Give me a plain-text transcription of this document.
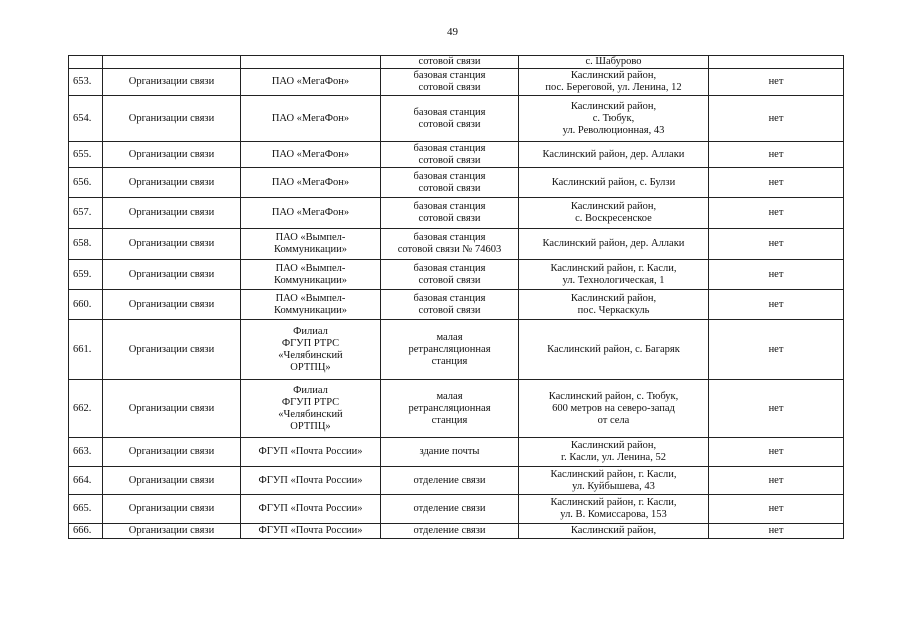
49

			сотовой связи	с. Шабурово	

653.	Организации связи	ПАО «МегаФон»	базовая станция
сотовой связи	Каслинский район,
пос. Береговой, ул. Ленина, 12	нет
654.	Организации связи	ПАО «МегаФон»	базовая станция
сотовой связи	Каслинский район,
с. Тюбук,
ул. Революционная, 43	нет
655.	Организации связи	ПАО «МегаФон»	базовая станция
сотовой связи	Каслинский район, дер. Аллаки	нет
656.	Организации связи	ПАО «МегаФон»	базовая станция
сотовой связи	Каслинский район, с. Булзи	нет
657.	Организации связи	ПАО «МегаФон»	базовая станция
сотовой связи	Каслинский район,
с. Воскресенское	нет
658.	Организации связи	ПАО «Вымпел-
Коммуникации»	базовая станция
сотовой связи № 74603	Каслинский район, дер. Аллаки	нет
659.	Организации связи	ПАО «Вымпел-
Коммуникации»	базовая станция
сотовой связи	Каслинский район, г. Касли,
ул. Технологическая, 1	нет
660.	Организации связи	ПАО «Вымпел-
Коммуникации»	базовая станция
сотовой связи	Каслинский район,
пос. Черкаскуль	нет
661.	Организации связи	Филиал
ФГУП РТРС
«Челябинский
ОРТПЦ»	малая
ретрансляционная
станция	Каслинский район, с. Багаряк	нет
662.	Организации связи	Филиал
ФГУП РТРС
«Челябинский
ОРТПЦ»	малая
ретрансляционная
станция	Каслинский район, с. Тюбук,
600 метров на северо-запад
от села	нет
663.	Организации связи	ФГУП «Почта России»	здание почты	Каслинский район,
г. Касли, ул. Ленина, 52	нет
664.	Организации связи	ФГУП «Почта России»	отделение связи	Каслинский район, г. Касли,
ул. Куйбышева, 43	нет
665.	Организации связи	ФГУП «Почта России»	отделение связи	Каслинский район, г. Касли,
ул. В. Комиссарова, 153	нет
666.	Организации связи	ФГУП «Почта России»	отделение связи	Каслинский район,	нет
